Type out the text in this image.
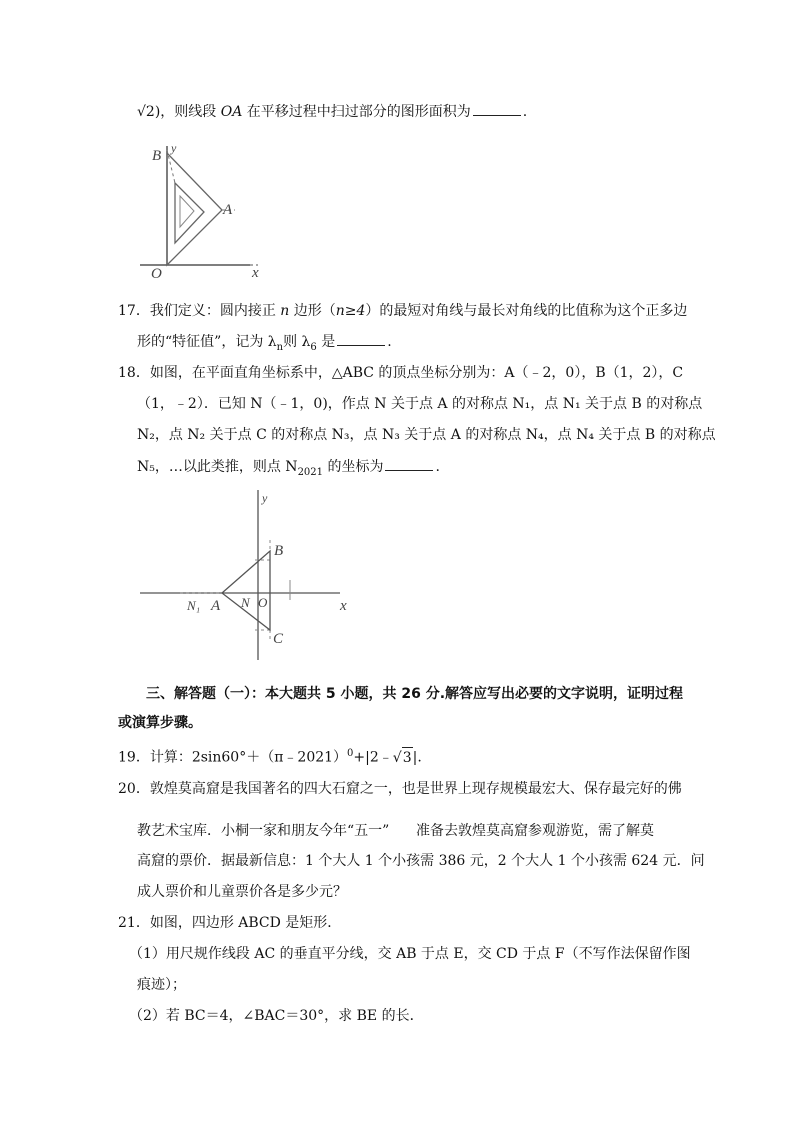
√2)，则线段 OA 在平移过程中扫过部分的图形面积为	.
B y
A
O	x
17．我们定义：圆内接正 n 边形（n≥4）的最短对角线与最长对角线的比值称为这个正多边
形的“特征值”，记为 $\lambda_n$则 $\lambda_6$ 是	.
18．如图，在平面直角坐标系中，△ABC 的顶点坐标分别为：A（﹣2，0），B（1，2），C
（1，﹣2）．已知 N（﹣1，0)，作点 N 关于点 A 的对称点 N₁，点 N₁ 关于点 B 的对称点
N₂，点 N₂ 关于点 C 的对称点 N₃，点 N₃ 关于点 A 的对称点 N₄，点 N₄ 关于点 B 的对称点
N₅，…以此类推，则点 $N_{2021}$ 的坐标为	.
y
B
N₁ A N O	x
C
三、解答题（一）：本大题共 5 小题，共 26 分.解答应写出必要的文字说明，证明过程
或演算步骤。
19．计算：2sin60°＋（π﹣2021）$^0$+|2﹣√3|.
20．敦煌莫高窟是我国著名的四大石窟之一，也是世界上现存规模最宏大、保存最完好的佛
教艺术宝库．小桐一家和朋友今年“五一”      准备去敦煌莫高窟参观游览，需了解莫
高窟的票价．据最新信息：1 个大人 1 个小孩需 386 元，2 个大人 1 个小孩需 624 元．问
成人票价和儿童票价各是多少元？
21．如图，四边形 ABCD 是矩形．
（1）用尺规作线段 AC 的垂直平分线，交 AB 于点 E，交 CD 于点 F（不写作法保留作图
痕迹）；
（2）若 BC＝4，∠BAC＝30°，求 BE 的长．
